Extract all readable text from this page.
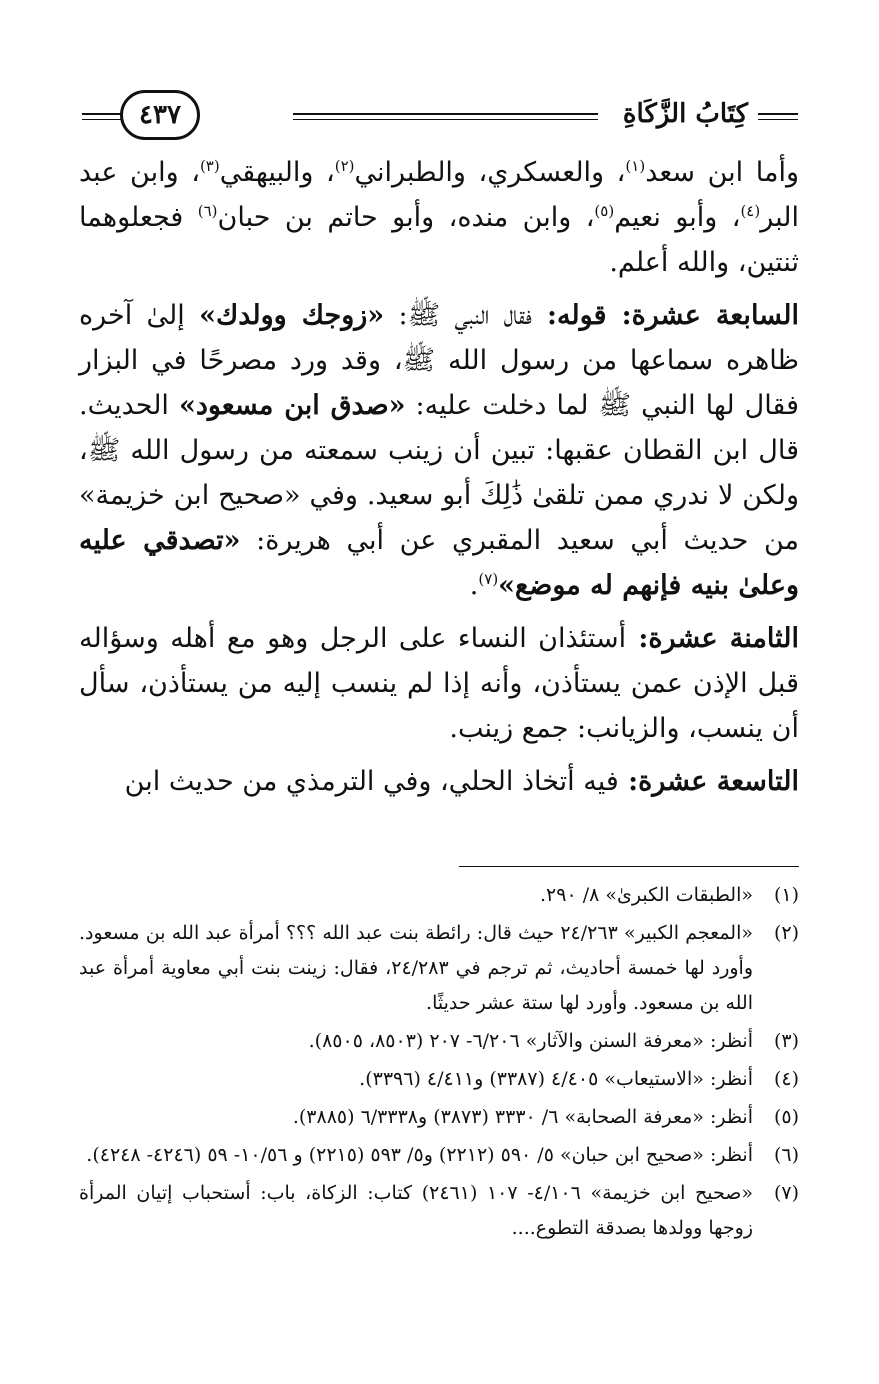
كِتَابُ الزَّكَاةِ
٤٣٧

وأما ابن سعد$^{(١)}$، والعسكري، والطبراني$^{(٢)}$، والبيهقي$^{(٣)}$، وابن عبد البر$^{(٤)}$، وأبو نعيم$^{(٥)}$، وابن منده، وأبو حاتم بن حبان$^{(٦)}$ فجعلوهما ثنتين، والله أعلم.

السابعة عشرة: قوله: فقال النبي ﷺ: «زوجك وولدك» إلىٰ آخره ظاهره سماعها من رسول الله ﷺ، وقد ورد مصرحًا في البزار فقال لها النبي ﷺ لما دخلت عليه: «صدق ابن مسعود» الحديث. قال ابن القطان عقبها: تبين أن زينب سمعته من رسول الله ﷺ، ولكن لا ندري ممن تلقىٰ ذَٰلِكَ أبو سعيد. وفي «صحيح ابن خزيمة» من حديث أبي سعيد المقبري عن أبي هريرة: «تصدقي عليه وعلىٰ بنيه فإنهم له موضع»$^{(٧)}$.

الثامنة عشرة: أستئذان النساء على الرجل وهو مع أهله وسؤاله قبل الإذن عمن يستأذن، وأنه إذا لم ينسب إليه من يستأذن، سأل أن ينسب، والزيانب: جمع زينب.

التاسعة عشرة: فيه أتخاذ الحلي، وفي الترمذي من حديث ابن

(١)
«الطبقات الكبرىٰ» ٨/ ٢٩٠.
(٢)
«المعجم الكبير» ٢٤/٢٦٣ حيث قال: رائطة بنت عبد الله ؟؟؟ أمرأة عبد الله بن مسعود. وأورد لها خمسة أحاديث، ثم ترجم في ٢٤/٢٨٣، فقال: زينت بنت أبي معاوية أمرأة عبد الله بن مسعود. وأورد لها ستة عشر حديثًا.
(٣)
أنظر: «معرفة السنن والآثار» ٦/٢٠٦- ٢٠٧ (٨٥٠٣، ٨٥٠٥).
(٤)
أنظر: «الاستيعاب» ٤/٤٠٥ (٣٣٨٧) و٤/٤١١ (٣٣٩٦).
(٥)
أنظر: «معرفة الصحابة» ٦/ ٣٣٣٠ (٣٨٧٣) و٦/٣٣٣٨ (٣٨٨٥).
(٦)
أنظر: «صحيح ابن حبان» ٥/ ٥٩٠ (٢٢١٢) و٥/ ٥٩٣ (٢٢١٥) و ١٠/٥٦- ٥٩ (٤٢٤٦- ٤٢٤٨).
(٧)
«صحيح ابن خزيمة» ٤/١٠٦- ١٠٧ (٢٤٦١) كتاب: الزكاة، باب: أستحباب إتيان المرأة زوجها وولدها بصدقة التطوع....
